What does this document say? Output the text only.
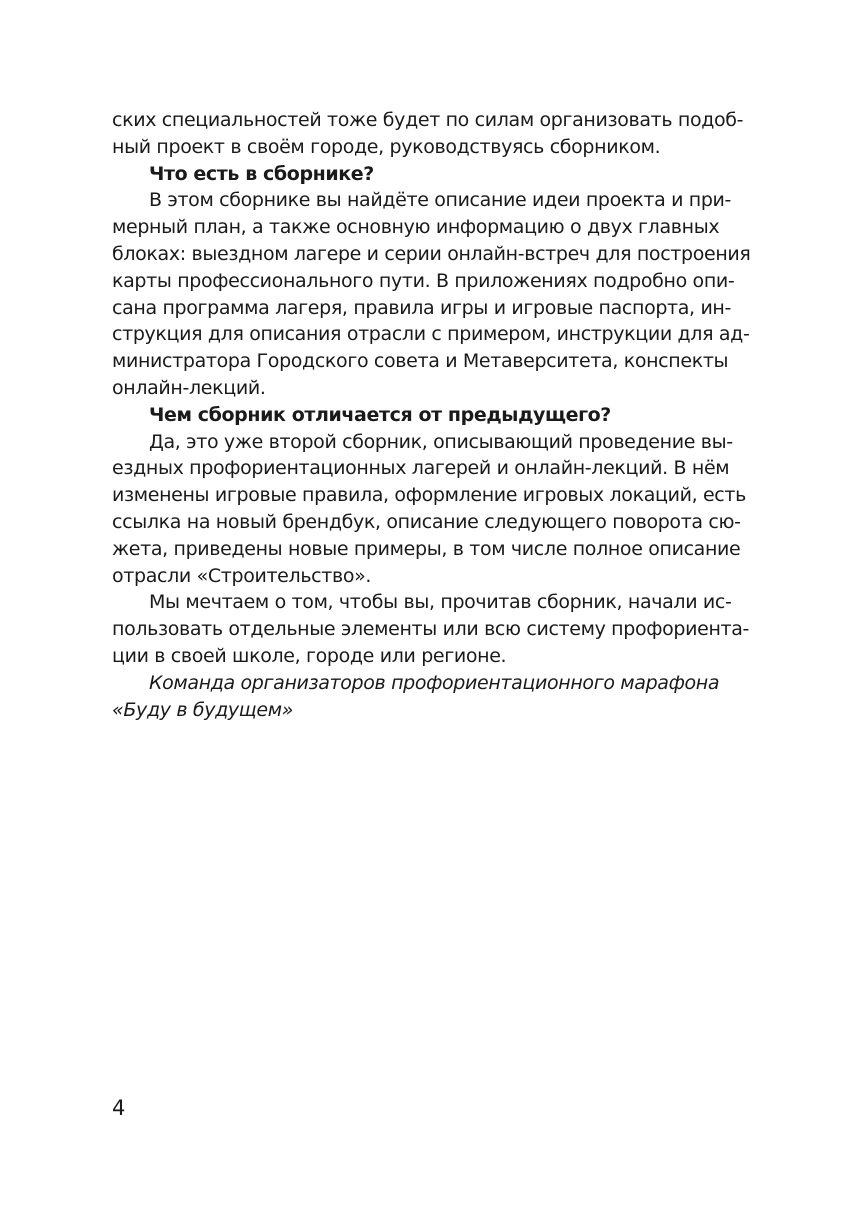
ских специальностей тоже будет по силам организовать подоб-
ный проект в своём городе, руководствуясь сборником.
Что есть в сборнике?
В этом сборнике вы найдёте описание идеи проекта и при-
мерный план, а также основную информацию о двух главных
блоках: выездном лагере и серии онлайн-встреч для построения
карты профессионального пути. В приложениях подробно опи-
сана программа лагеря, правила игры и игровые паспорта, ин-
струкция для описания отрасли с примером, инструкции для ад-
министратора Городского совета и Метаверситета, конспекты
онлайн-лекций.
Чем сборник отличается от предыдущего?
Да, это уже второй сборник, описывающий проведение вы-
ездных профориентационных лагерей и онлайн-лекций. В нём
изменены игровые правила, оформление игровых локаций, есть
ссылка на новый брендбук, описание следующего поворота сю-
жета, приведены новые примеры, в том числе полное описание
отрасли «Строительство».
Мы мечтаем о том, чтобы вы, прочитав сборник, начали ис-
пользовать отдельные элементы или всю систему профориента-
ции в своей школе, городе или регионе.
Команда организаторов профориентационного марафона
«Буду в будущем»
4
